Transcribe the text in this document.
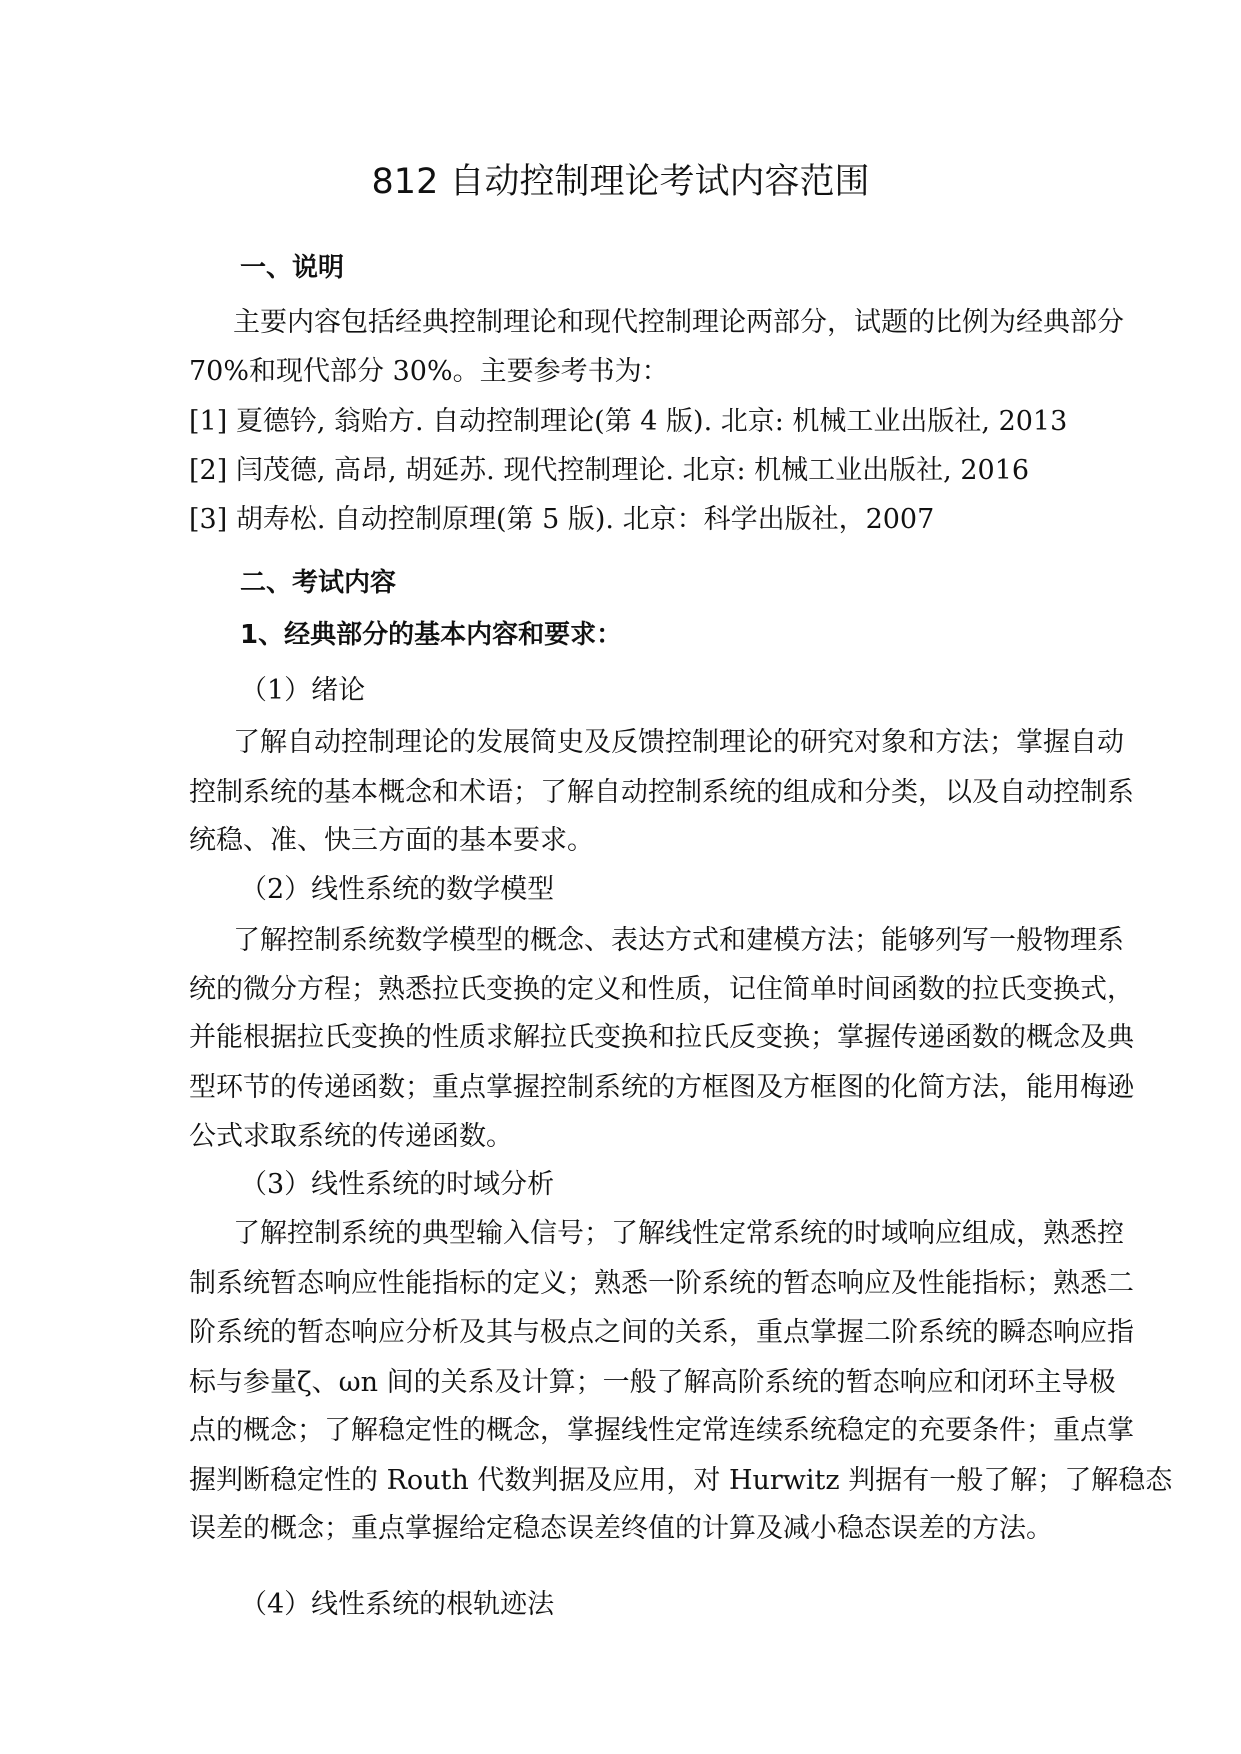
812 自动控制理论考试内容范围
一、说明
主要内容包括经典控制理论和现代控制理论两部分，试题的比例为经典部分
70%和现代部分 30%。主要参考书为：
[1] 夏德钤, 翁贻方. 自动控制理论(第 4 版). 北京: 机械工业出版社, 2013
[2] 闫茂德, 高昂, 胡延苏. 现代控制理论. 北京: 机械工业出版社, 2016
[3] 胡寿松. 自动控制原理(第 5 版). 北京：科学出版社，2007
二、考试内容
1、经典部分的基本内容和要求：
（1）绪论
了解自动控制理论的发展简史及反馈控制理论的研究对象和方法；掌握自动
控制系统的基本概念和术语；了解自动控制系统的组成和分类，以及自动控制系
统稳、准、快三方面的基本要求。
（2）线性系统的数学模型
了解控制系统数学模型的概念、表达方式和建模方法；能够列写一般物理系
统的微分方程；熟悉拉氏变换的定义和性质，记住简单时间函数的拉氏变换式，
并能根据拉氏变换的性质求解拉氏变换和拉氏反变换；掌握传递函数的概念及典
型环节的传递函数；重点掌握控制系统的方框图及方框图的化简方法，能用梅逊
公式求取系统的传递函数。
（3）线性系统的时域分析
了解控制系统的典型输入信号；了解线性定常系统的时域响应组成，熟悉控
制系统暂态响应性能指标的定义；熟悉一阶系统的暂态响应及性能指标；熟悉二
阶系统的暂态响应分析及其与极点之间的关系，重点掌握二阶系统的瞬态响应指
标与参量ζ、ωn 间的关系及计算；一般了解高阶系统的暂态响应和闭环主导极
点的概念；了解稳定性的概念，掌握线性定常连续系统稳定的充要条件；重点掌
握判断稳定性的 Routh 代数判据及应用，对 Hurwitz 判据有一般了解；了解稳态
误差的概念；重点掌握给定稳态误差终值的计算及减小稳态误差的方法。
（4）线性系统的根轨迹法
